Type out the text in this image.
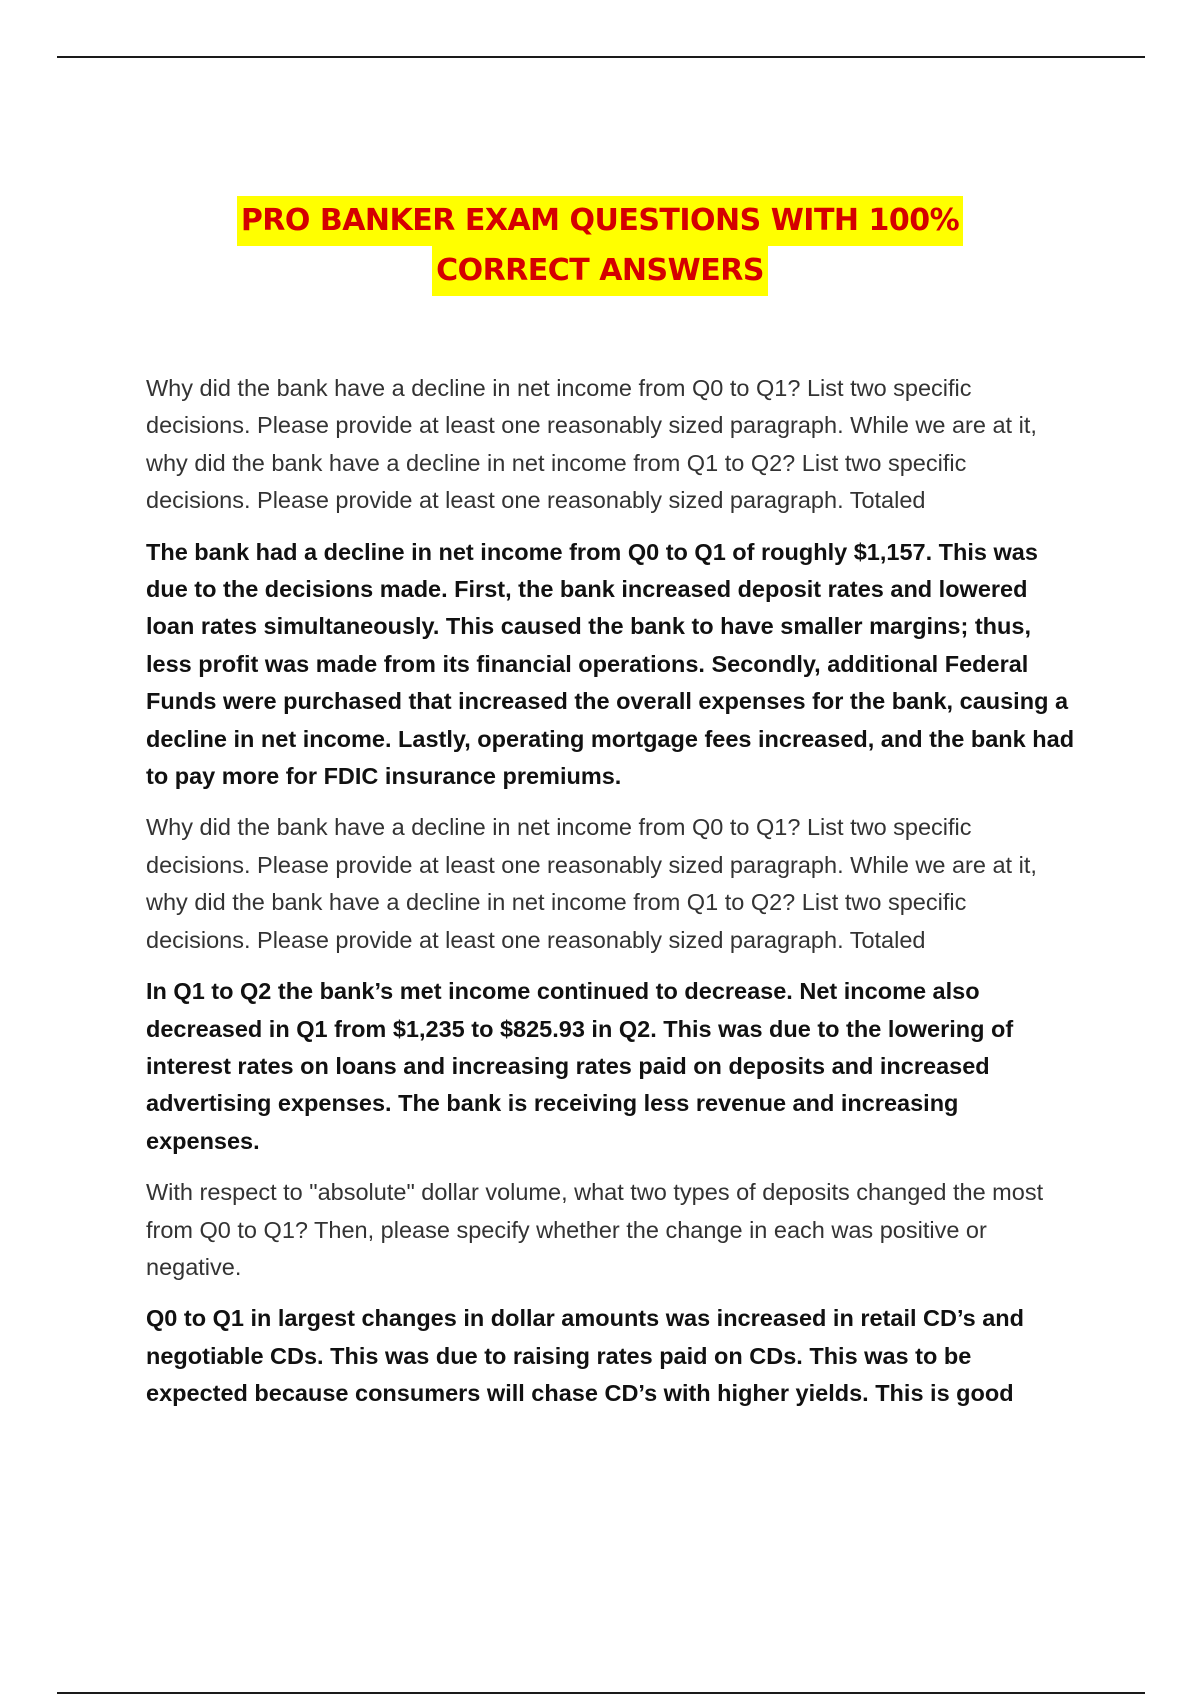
PRO BANKER EXAM QUESTIONS WITH 100%
CORRECT ANSWERS

Why did the bank have a decline in net income from Q0 to Q1? List two specific decisions. Please provide at least one reasonably sized paragraph. While we are at it, why did the bank have a decline in net income from Q1 to Q2? List two specific decisions. Please provide at least one reasonably sized paragraph. Totaled

The bank had a decline in net income from Q0 to Q1 of roughly $1,157. This was due to the decisions made. First, the bank increased deposit rates and lowered loan rates simultaneously. This caused the bank to have smaller margins; thus, less profit was made from its financial operations. Secondly, additional Federal Funds were purchased that increased the overall expenses for the bank, causing a decline in net income. Lastly, operating mortgage fees increased, and the bank had to pay more for FDIC insurance premiums.

Why did the bank have a decline in net income from Q0 to Q1? List two specific decisions. Please provide at least one reasonably sized paragraph. While we are at it, why did the bank have a decline in net income from Q1 to Q2? List two specific decisions. Please provide at least one reasonably sized paragraph. Totaled

In Q1 to Q2 the bank’s met income continued to decrease. Net income also decreased in Q1 from $1,235 to $825.93 in Q2. This was due to the lowering of interest rates on loans and increasing rates paid on deposits and increased advertising expenses. The bank is receiving less revenue and increasing expenses.

With respect to "absolute" dollar volume, what two types of deposits changed the most from Q0 to Q1? Then, please specify whether the change in each was positive or negative.

Q0 to Q1 in largest changes in dollar amounts was increased in retail CD’s and negotiable CDs. This was due to raising rates paid on CDs. This was to be expected because consumers will chase CD’s with higher yields. This is good
